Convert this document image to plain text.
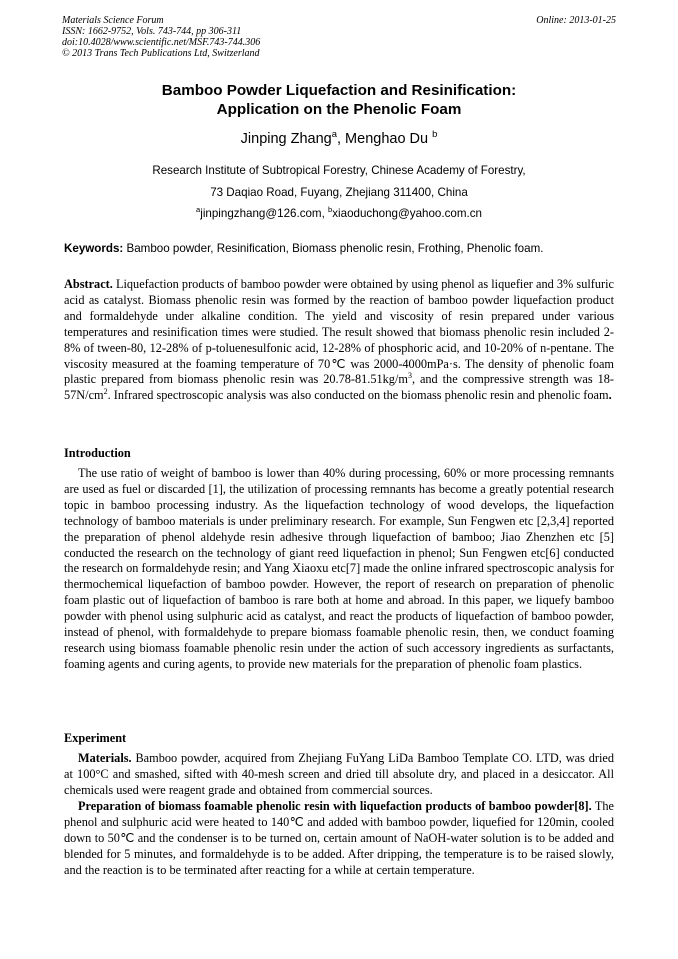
Materials Science Forum
ISSN: 1662-9752, Vols. 743-744, pp 306-311
doi:10.4028/www.scientific.net/MSF.743-744.306
© 2013 Trans Tech Publications Ltd, Switzerland
Online: 2013-01-25
Bamboo Powder Liquefaction and Resinification:
Application on the Phenolic Foam
Jinping Zhang$^a$, Menghao Du $^b$
Research Institute of Subtropical Forestry, Chinese Academy of Forestry,
73 Daqiao Road, Fuyang, Zhejiang 311400, China
$^a$jinpingzhang@126.com, $^b$xiaoduchong@yahoo.com.cn
Keywords: Bamboo powder, Resinification, Biomass phenolic resin, Frothing, Phenolic foam.

Abstract. Liquefaction products of bamboo powder were obtained by using phenol as liquefier and 3% sulfuric acid as catalyst. Biomass phenolic resin was formed by the reaction of bamboo powder liquefaction product and formaldehyde under alkaline condition. The yield and viscosity of resin prepared under various temperatures and resinification times were studied. The result showed that biomass phenolic resin included 2-8% of tween-80, 12-28% of p-toluenesulfonic acid, 12-28% of phosphoric acid, and 10-20% of n-pentane. The viscosity measured at the foaming temperature of 70℃ was 2000-4000mPa·s. The density of phenolic foam plastic prepared from biomass phenolic resin was $20.78-81.51kg/m^3$, and the compressive strength was $18-57N/cm^2$. Infrared spectroscopic analysis was also conducted on the biomass phenolic resin and phenolic foam.

Introduction

The use ratio of weight of bamboo is lower than 40% during processing, 60% or more processing remnants are used as fuel or discarded [1], the utilization of processing remnants has become a greatly potential research topic in bamboo processing industry. As the liquefaction technology of wood develops, the liquefaction technology of bamboo materials is under preliminary research. For example, Sun Fengwen etc [2,3,4] reported the preparation of phenol aldehyde resin adhesive through liquefaction of bamboo; Jiao Zhenzhen etc [5] conducted the research on the technology of giant reed liquefaction in phenol; Sun Fengwen etc[6] conducted the research on formaldehyde resin; and Yang Xiaoxu etc[7] made the online infrared spectroscopic analysis for thermochemical liquefaction of bamboo powder. However, the report of research on preparation of phenolic foam plastic out of liquefaction of bamboo is rare both at home and abroad. In this paper, we liquefy bamboo powder with phenol using sulphuric acid as catalyst, and react the products of liquefaction of bamboo powder, instead of phenol, with formaldehyde to prepare biomass foamable phenolic resin, then, we conduct foaming research using biomass foamable phenolic resin under the action of such accessory ingredients as surfactants, foaming agents and curing agents, to provide new materials for the preparation of phenolic foam plastics.

Experiment

Materials. Bamboo powder, acquired from Zhejiang FuYang LiDa Bamboo Template CO. LTD, was dried at 100°C and smashed, sifted with 40-mesh screen and dried till absolute dry, and placed in a desiccator. All chemicals used were reagent grade and obtained from commercial sources.

Preparation of biomass foamable phenolic resin with liquefaction products of bamboo powder[8]. The phenol and sulphuric acid were heated to 140℃ and added with bamboo powder, liquefied for 120min, cooled down to 50℃ and the condenser is to be turned on, certain amount of NaOH-water solution is to be added and blended for 5 minutes, and formaldehyde is to be added. After dripping, the temperature is to be raised slowly, and the reaction is to be terminated after reacting for a while at certain temperature.
